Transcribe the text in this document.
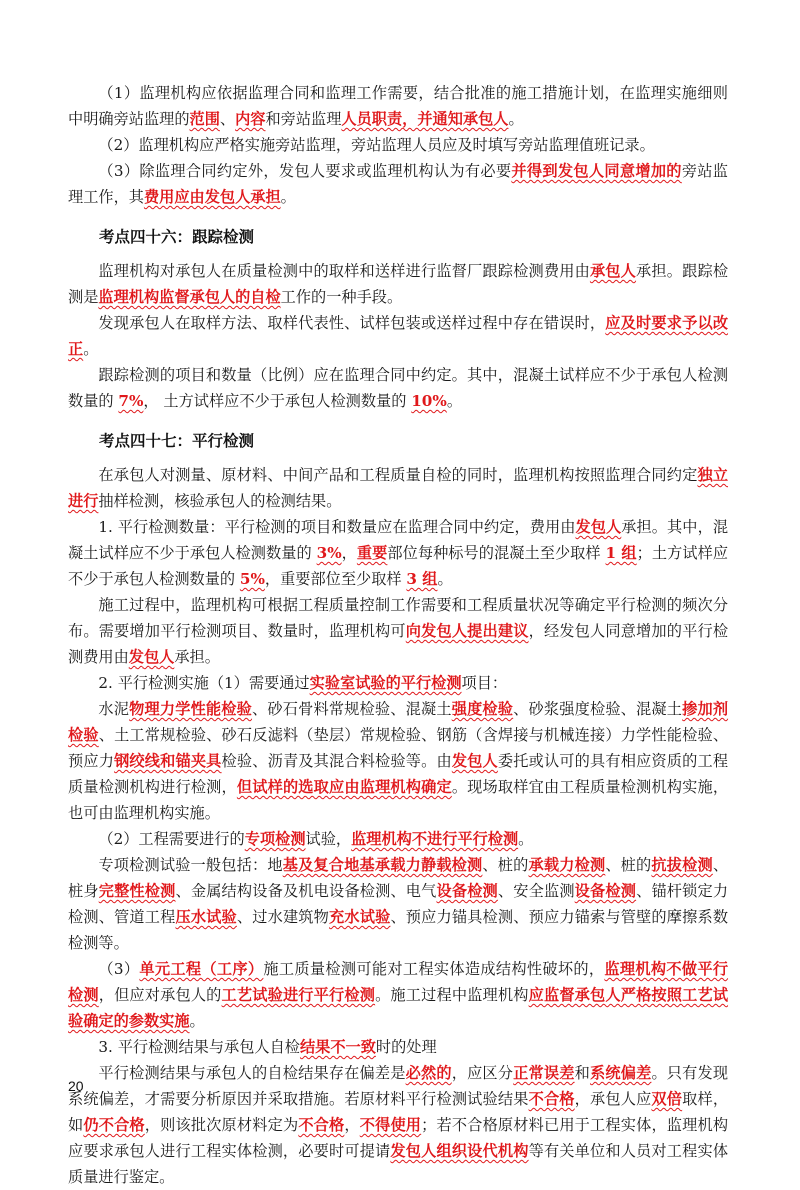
（1）监理机构应依据监理合同和监理工作需要，结合批准的施工措施计划，在监理实施细则中明确旁站监理的范围、内容和旁站监理人员职责，并通知承包人。

（2）监理机构应严格实施旁站监理，旁站监理人员应及时填写旁站监理值班记录。

（3）除监理合同约定外，发包人要求或监理机构认为有必要并得到发包人同意增加的旁站监理工作，其费用应由发包人承担。

考点四十六：跟踪检测

监理机构对承包人在质量检测中的取样和送样进行监督厂跟踪检测费用由承包人承担。跟踪检测是监理机构监督承包人的自检工作的一种手段。

发现承包人在取样方法、取样代表性、试样包装或送样过程中存在错误时，应及时要求予以改正。

跟踪检测的项目和数量（比例）应在监理合同中约定。其中，混凝土试样应不少于承包人检测数量的 7%， 土方试样应不少于承包人检测数量的 10%。

考点四十七：平行检测

在承包人对测量、原材料、中间产品和工程质量自检的同时，监理机构按照监理合同约定独立进行抽样检测，核验承包人的检测结果。

1. 平行检测数量：平行检测的项目和数量应在监理合同中约定，费用由发包人承担。其中，混凝土试样应不少于承包人检测数量的 3%，重要部位每种标号的混凝土至少取样 1 组；土方试样应不少于承包人检测数量的 5%，重要部位至少取样 3 组。

施工过程中，监理机构可根据工程质量控制工作需要和工程质量状况等确定平行检测的频次分布。需要增加平行检测项目、数量时，监理机构可向发包人提出建议，经发包人同意增加的平行检测费用由发包人承担。

2. 平行检测实施（1）需要通过实验室试验的平行检测项目：

水泥物理力学性能检验、砂石骨料常规检验、混凝土强度检验、砂浆强度检验、混凝土掺加剂检验、土工常规检验、砂石反滤料（垫层）常规检验、钢筋（含焊接与机械连接）力学性能检验、预应力钢绞线和锚夹具检验、沥青及其混合料检验等。由发包人委托或认可的具有相应资质的工程质量检测机构进行检测，但试样的选取应由监理机构确定。现场取样宜由工程质量检测机构实施，也可由监理机构实施。

（2）工程需要进行的专项检测试验，监理机构不进行平行检测。

专项检测试验一般包括：地基及复合地基承载力静载检测、桩的承载力检测、桩的抗拔检测、桩身完整性检测、金属结构设备及机电设备检测、电气设备检测、安全监测设备检测、锚杆锁定力检测、管道工程压水试验、过水建筑物充水试验、预应力锚具检测、预应力锚索与管壁的摩擦系数检测等。

（3）单元工程（工序）施工质量检测可能对工程实体造成结构性破坏的，监理机构不做平行检测，但应对承包人的工艺试验进行平行检测。施工过程中监理机构应监督承包人严格按照工艺试验确定的参数实施。

3. 平行检测结果与承包人自检结果不一致时的处理

平行检测结果与承包人的自检结果存在偏差是必然的，应区分正常误差和系统偏差。只有发现系统偏差，才需要分析原因并采取措施。若原材料平行检测试验结果不合格，承包人应双倍取样，如仍不合格，则该批次原材料定为不合格，不得使用；若不合格原材料已用于工程实体，监理机构应要求承包人进行工程实体检测，必要时可提请发包人组织设代机构等有关单位和人员对工程实体质量进行鉴定。

20
